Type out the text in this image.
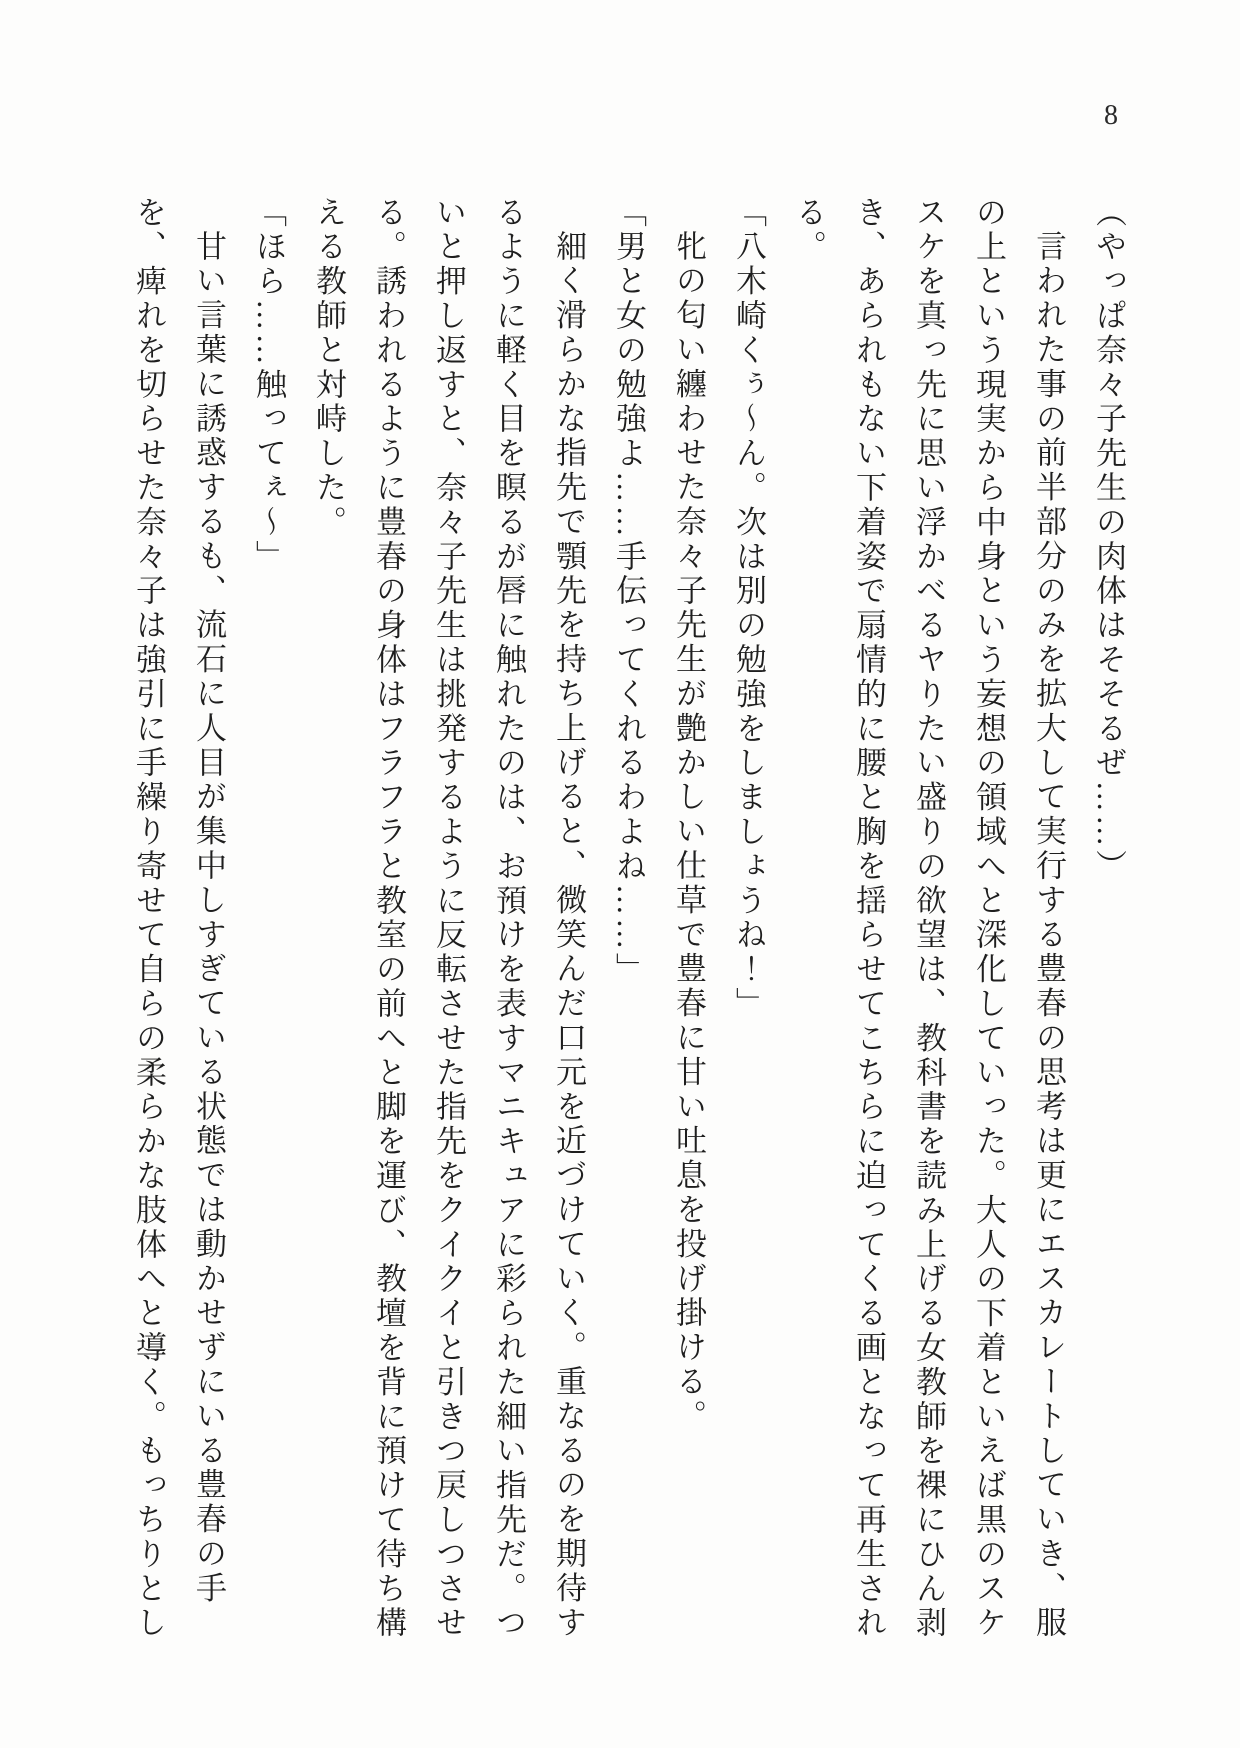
8

（やっぱ奈々子先生の肉体はそそるぜ……）

言われた事の前半部分のみを拡大して実行する豊春の思考は更にエスカレートしていき、服の上という現実から中身という妄想の領域へと深化していった。大人の下着といえば黒のスケスケを真っ先に思い浮かべるヤりたい盛りの欲望は、教科書を読み上げる女教師を裸にひん剥き、あられもない下着姿で扇情的に腰と胸を揺らせてこちらに迫ってくる画となって再生される。

「八木崎くぅ～ん。次は別の勉強をしましょうね！」

牝の匂い纏わせた奈々子先生が艶かしい仕草で豊春に甘い吐息を投げ掛ける。

「男と女の勉強よ……手伝ってくれるわよね……」

細く滑らかな指先で顎先を持ち上げると、微笑んだ口元を近づけていく。重なるのを期待するように軽く目を瞑るが唇に触れたのは、お預けを表すマニキュアに彩られた細い指先だ。ついと押し返すと、奈々子先生は挑発するように反転させた指先をクイクイと引きつ戻しつさせる。誘われるように豊春の身体はフラフラと教室の前へと脚を運び、教壇を背に預けて待ち構える教師と対峙した。

「ほら……触ってぇ～」

甘い言葉に誘惑するも、流石に人目が集中しすぎている状態では動かせずにいる豊春の手を、痺れを切らせた奈々子は強引に手繰り寄せて自らの柔らかな肢体へと導く。もっちりとし
